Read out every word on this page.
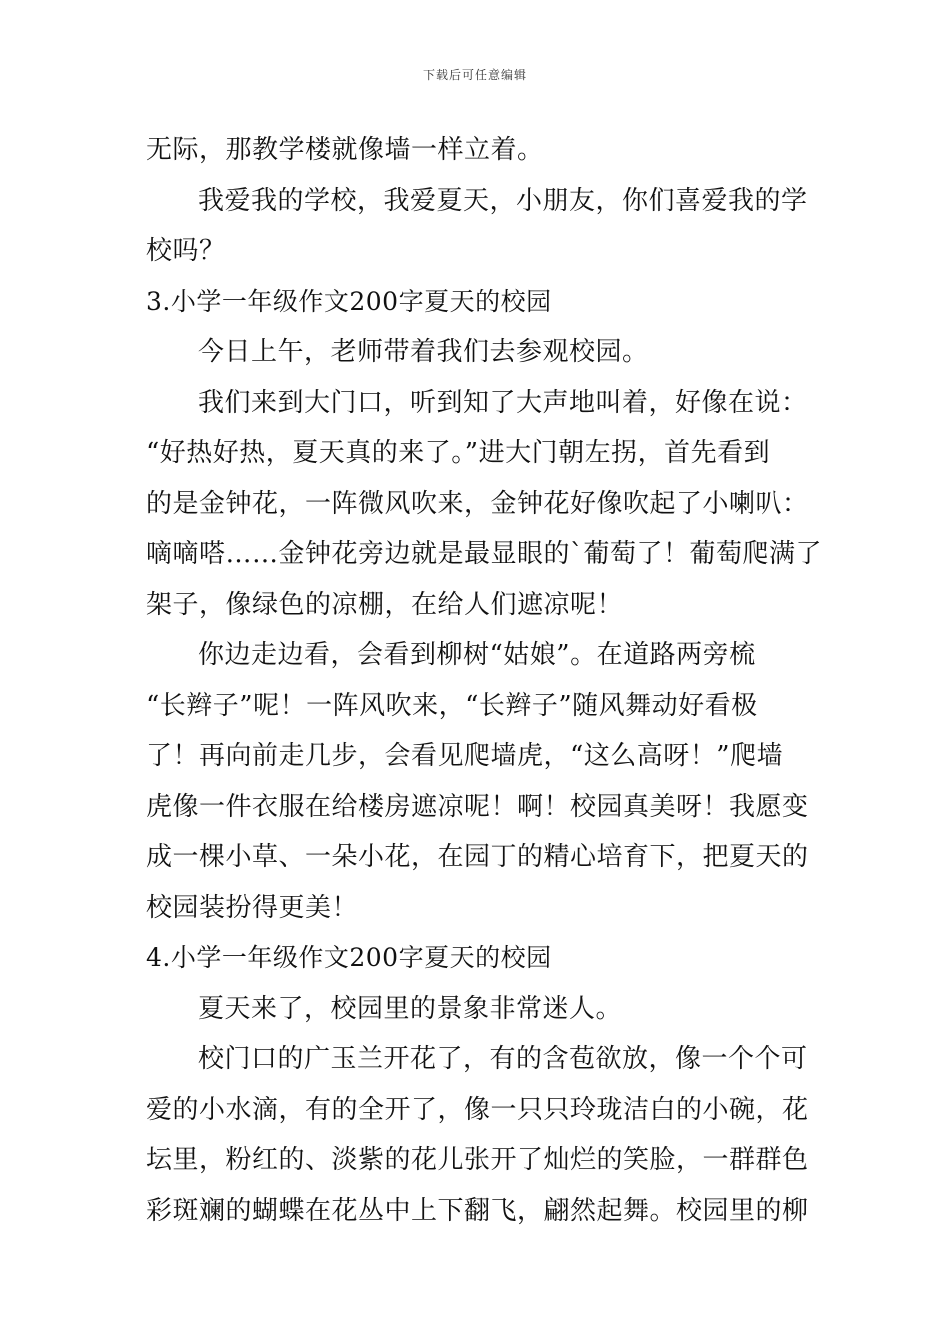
下载后可任意编辑
无际，那教学楼就像墙一样立着。
我爱我的学校，我爱夏天，小朋友，你们喜爱我的学
校吗？
3.小学一年级作文200字夏天的校园
今日上午，老师带着我们去参观校园。
我们来到大门口，听到知了大声地叫着，好像在说：
“好热好热，夏天真的来了。”进大门朝左拐，首先看到
的是金钟花，一阵微风吹来，金钟花好像吹起了小喇叭：
嘀嘀嗒……金钟花旁边就是最显眼的`葡萄了！葡萄爬满了
架子，像绿色的凉棚，在给人们遮凉呢！
你边走边看，会看到柳树“姑娘”。在道路两旁梳
“长辫子”呢！一阵风吹来，“长辫子”随风舞动好看极
了！再向前走几步，会看见爬墙虎，“这么高呀！”爬墙
虎像一件衣服在给楼房遮凉呢！啊！校园真美呀！我愿变
成一棵小草、一朵小花，在园丁的精心培育下，把夏天的
校园装扮得更美！
4.小学一年级作文200字夏天的校园
夏天来了，校园里的景象非常迷人。
校门口的广玉兰开花了，有的含苞欲放，像一个个可
爱的小水滴，有的全开了，像一只只玲珑洁白的小碗，花
坛里，粉红的、淡紫的花儿张开了灿烂的笑脸，一群群色
彩斑斓的蝴蝶在花丛中上下翻飞，翩然起舞。校园里的柳
